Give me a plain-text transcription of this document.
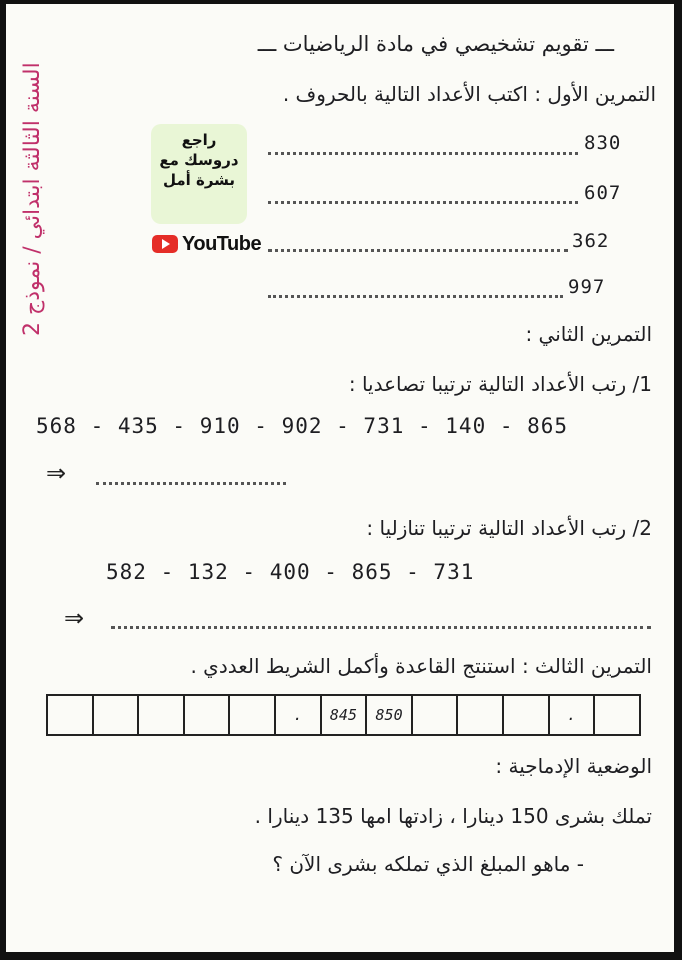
السنة الثالثة ابتدائي / نموذج 2
ـــ تقويم تشخيصي في مادة الرياضيات ـــ
التمرين الأول : اكتب الأعداد التالية بالحروف .
830
607
362
997
راجع
دروسك مع
بشرة أمل
YouTube
التمرين الثاني :
1/ رتب الأعداد التالية ترتيبا تصاعديا :
568 - 435 - 910 - 902 - 731 - 140 - 865
⇒
2/ رتب الأعداد التالية ترتيبا تنازليا :
582 - 132 - 400 - 865 - 731
⇒
التمرين الثالث : استنتج القاعدة وأكمل الشريط العددي .
.	845	850	.
الوضعية الإدماجية :
تملك بشرى 150 دينارا ، زادتها امها 135 دينارا .
- ماهو المبلغ الذي تملكه بشرى الآن ؟
